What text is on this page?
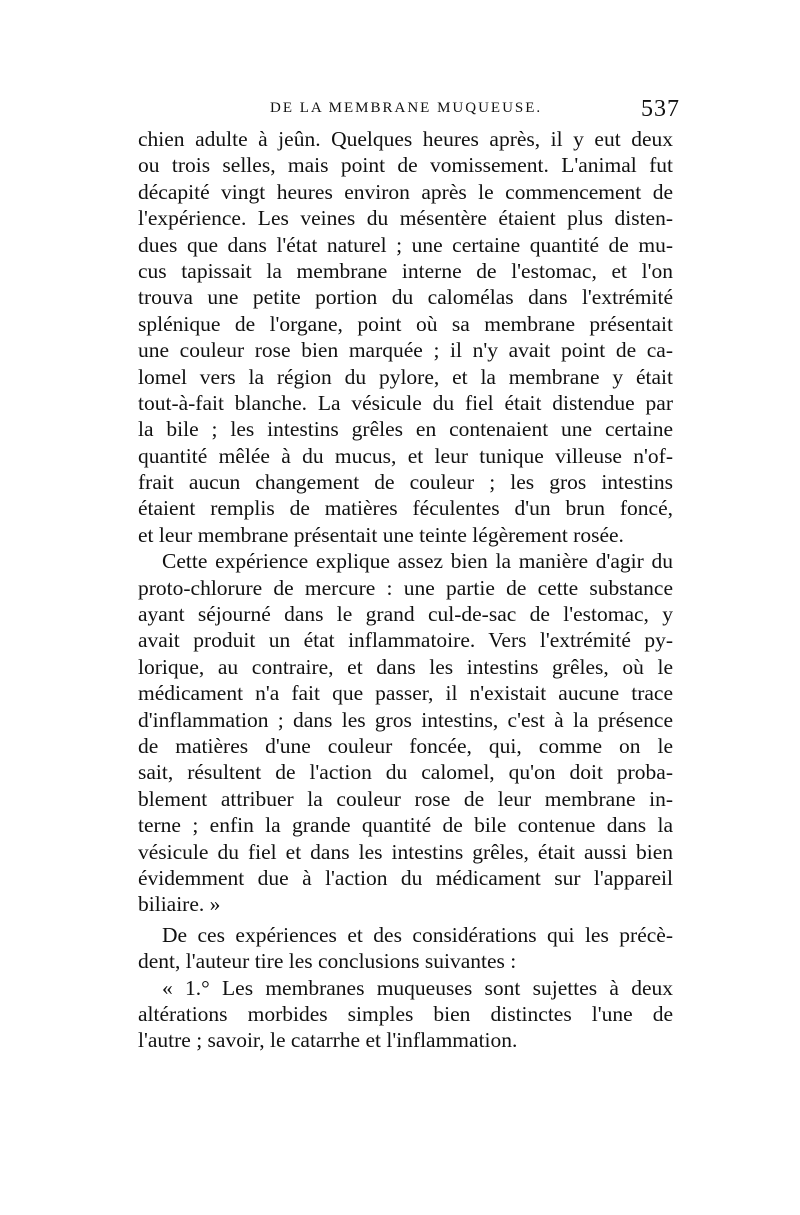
DE LA MEMBRANE MUQUEUSE.	537
chien adulte à jeûn. Quelques heures après, il y eut deux
ou trois selles, mais point de vomissement. L'animal fut
décapité vingt heures environ après le commencement de
l'expérience. Les veines du mésentère étaient plus disten-
dues que dans l'état naturel ; une certaine quantité de mu-
cus tapissait la membrane interne de l'estomac, et l'on
trouva une petite portion du calomélas dans l'extrémité
splénique de l'organe, point où sa membrane présentait
une couleur rose bien marquée ; il n'y avait point de ca-
lomel vers la région du pylore, et la membrane y était
tout-à-fait blanche. La vésicule du fiel était distendue par
la bile ; les intestins grêles en contenaient une certaine
quantité mêlée à du mucus, et leur tunique villeuse n'of-
frait aucun changement de couleur ; les gros intestins
étaient remplis de matières féculentes d'un brun foncé,
et leur membrane présentait une teinte légèrement rosée.
Cette expérience explique assez bien la manière d'agir du
proto-chlorure de mercure : une partie de cette substance
ayant séjourné dans le grand cul-de-sac de l'estomac, y
avait produit un état inflammatoire. Vers l'extrémité py-
lorique, au contraire, et dans les intestins grêles, où le
médicament n'a fait que passer, il n'existait aucune trace
d'inflammation ; dans les gros intestins, c'est à la présence
de matières d'une couleur foncée, qui, comme on le
sait, résultent de l'action du calomel, qu'on doit proba-
blement attribuer la couleur rose de leur membrane in-
terne ; enfin la grande quantité de bile contenue dans la
vésicule du fiel et dans les intestins grêles, était aussi bien
évidemment due à l'action du médicament sur l'appareil
biliaire. »
De ces expériences et des considérations qui les précè-
dent, l'auteur tire les conclusions suivantes :
« 1.° Les membranes muqueuses sont sujettes à deux
altérations morbides simples bien distinctes l'une de
l'autre ; savoir, le catarrhe et l'inflammation.
